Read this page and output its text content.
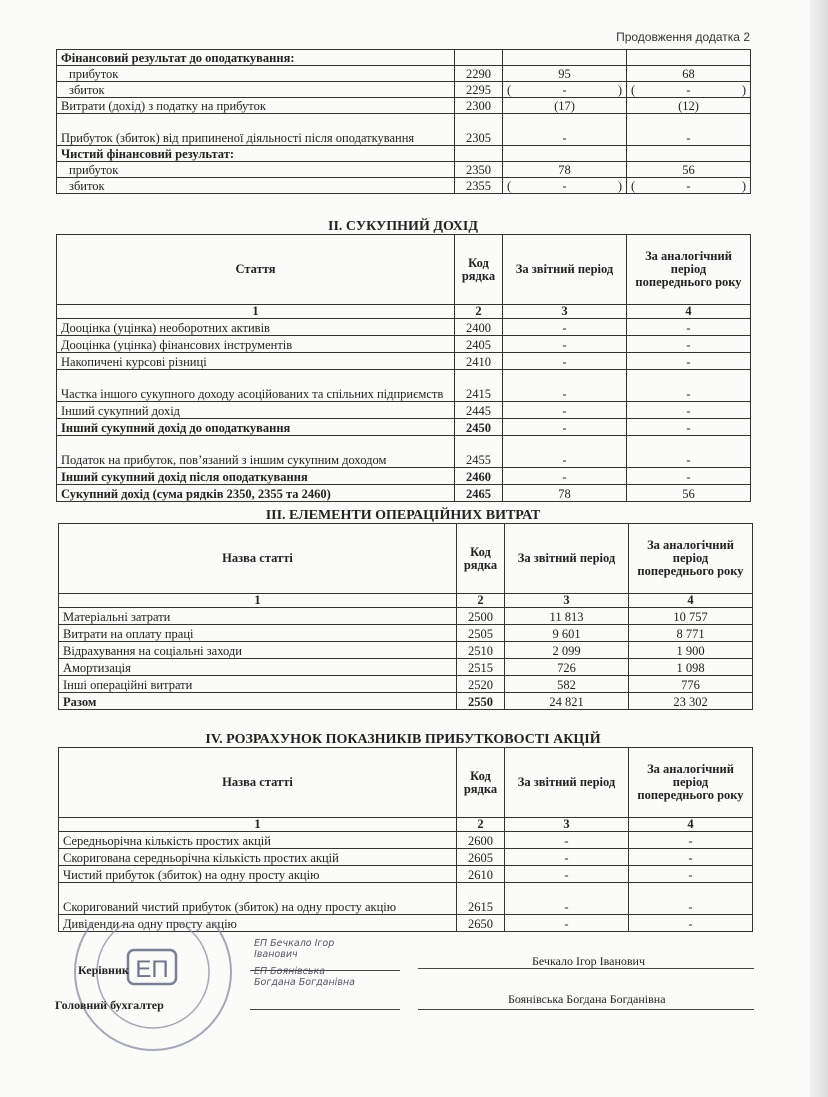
Продовження додатка 2
Фінансовий результат до оподаткування:			
прибуток	2290	95	68
збиток	2295	( - )	( - )

Витрати (дохід) з податку на прибуток	2300	(17)	(12)
Прибуток (збиток) від припиненої діяльності після оподаткування	2305	-	-
Чистий фінансовий результат:			
прибуток	2350	78	56
збиток	2355	( - )	( - )
II. СУКУПНИЙ ДОХІД
Стаття	Код рядка	За звітний період	За аналогічний період попереднього року
1	2	3	4
Дооцінка (уцінка) необоротних активів	2400	-	-
Дооцінка (уцінка) фінансових інструментів	2405	-	-
Накопичені курсові різниці	2410	-	-
Частка іншого сукупного доходу асоційованих та спільних підприємств	2415	-	-
Інший сукупний дохід	2445	-	-
Інший сукупний дохід до оподаткування	2450	-	-
Податок на прибуток, пов’язаний з іншим сукупним доходом	2455	-	-
Інший сукупний дохід після оподаткування	2460	-	-
Сукупний дохід (сума рядків 2350, 2355 та 2460)	2465	78	56
III. ЕЛЕМЕНТИ ОПЕРАЦІЙНИХ ВИТРАТ
Назва статті	Код рядка	За звітний період	За аналогічний період попереднього року
1	2	3	4
Матеріальні затрати	2500	11 813	10 757
Витрати на оплату праці	2505	9 601	8 771
Відрахування на соціальні заходи	2510	2 099	1 900
Амортизація	2515	726	1 098
Інші операційні витрати	2520	582	776
Разом	2550	24 821	23 302
IV. РОЗРАХУНОК ПОКАЗНИКІВ ПРИБУТКОВОСТІ АКЦІЙ
Назва статті	Код рядка	За звітний період	За аналогічний період попереднього року
1	2	3	4
Середньорічна кількість простих акцій	2600	-	-
Скоригована середньорічна кількість простих акцій	2605	-	-
Чистий прибуток (збиток) на одну просту акцію	2610	-	-
Скоригований чистий прибуток (збиток) на одну просту акцію	2615	-	-
Дивіденди на одну просту акцію	2650	-	-
ЕП
Керівник
ЕП Бечкало Ігор Іванович	Бечкало Ігор Іванович
Головний бухгалтер
ЕП Боянівська Богдана Богданівна
Боянівська Богдана Богданівна
